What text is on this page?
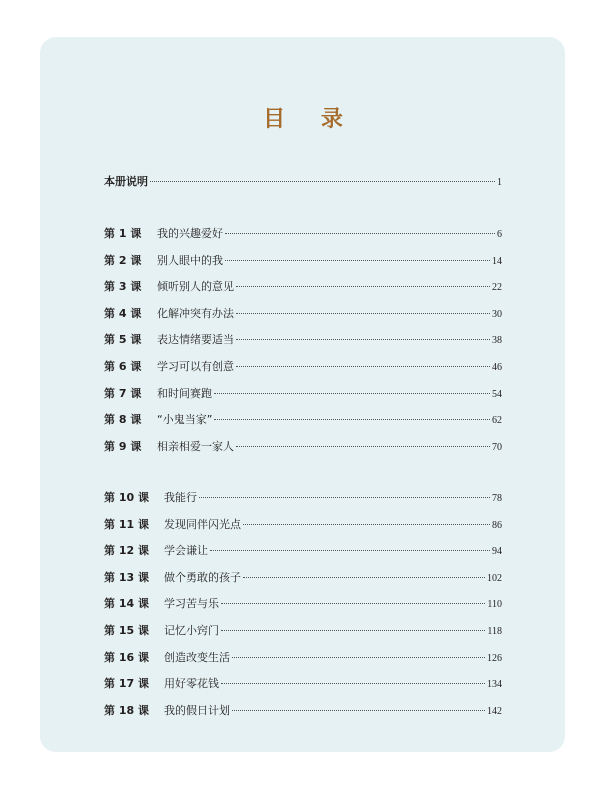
目 录
本册说明	1
第 1 课	我的兴趣爱好	6
第 2 课	别人眼中的我	14
第 3 课	倾听别人的意见	22
第 4 课	化解冲突有办法	30
第 5 课	表达情绪要适当	38
第 6 课	学习可以有创意	46
第 7 课	和时间赛跑	54
第 8 课	“小鬼当家”	62
第 9 课	相亲相爱一家人	70
第 10 课	我能行	78
第 11 课	发现同伴闪光点	86
第 12 课	学会谦让	94
第 13 课	做个勇敢的孩子	102
第 14 课	学习苦与乐	110
第 15 课	记忆小窍门	118
第 16 课	创造改变生活	126
第 17 课	用好零花钱	134
第 18 课	我的假日计划	142
